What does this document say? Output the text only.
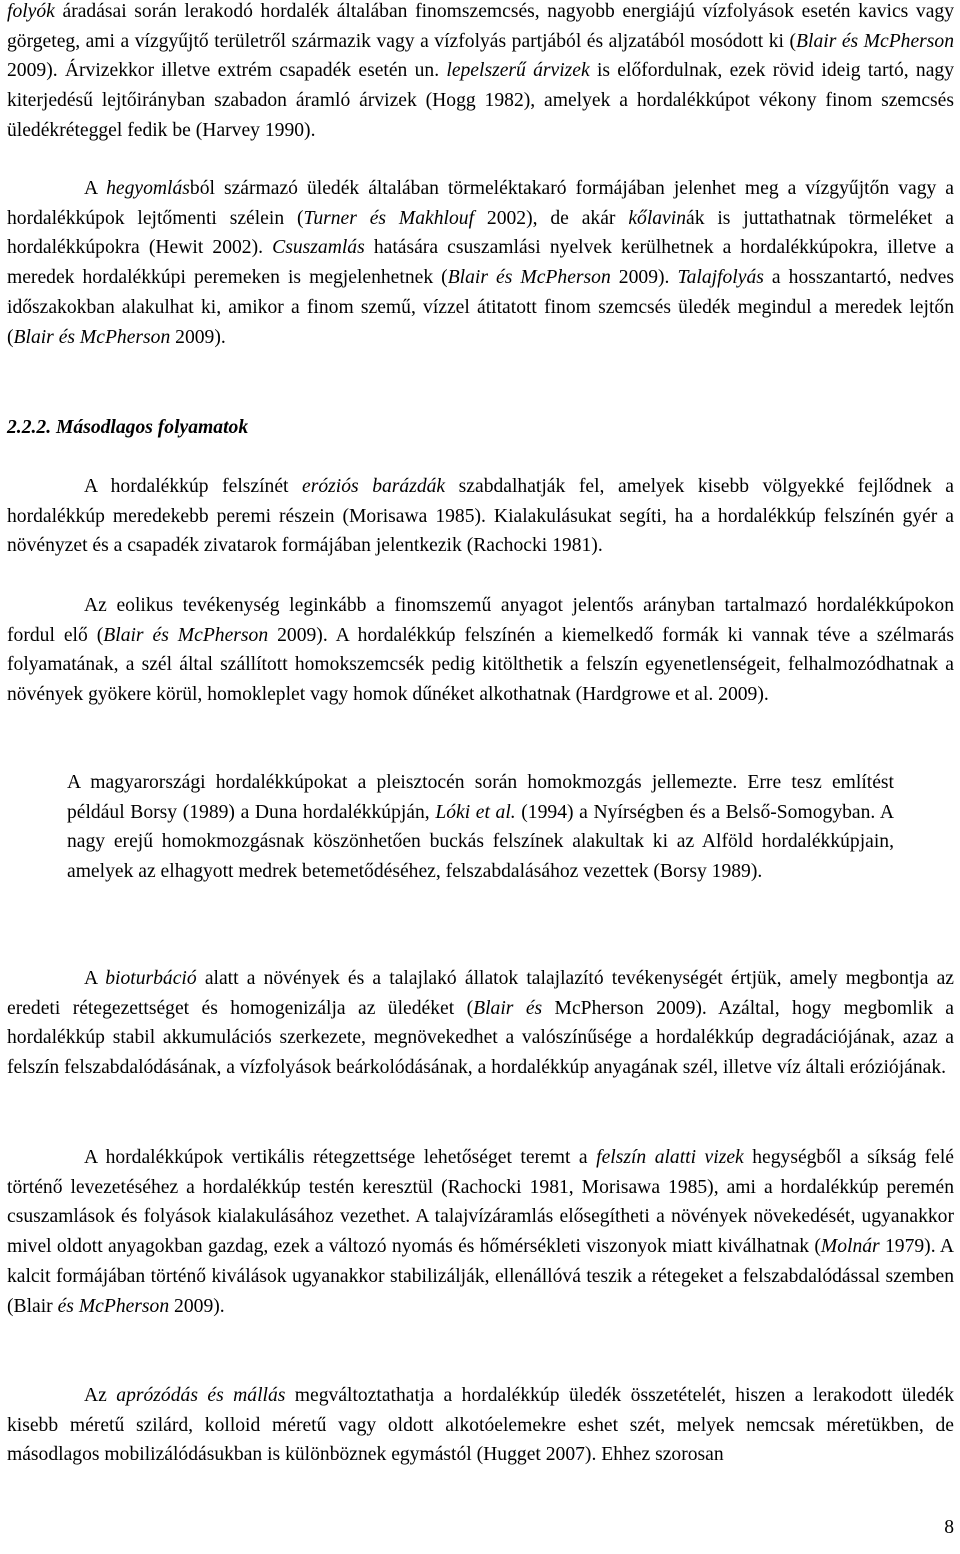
folyók áradásai során lerakodó hordalék általában finomszemcsés, nagyobb energiájú vízfolyások esetén kavics vagy görgeteg, ami a vízgyűjtő területről származik vagy a vízfolyás partjából és aljzatából mosódott ki (Blair és McPherson 2009). Árvizekkor illetve extrém csapadék esetén un. lepelszerű árvizek is előfordulnak, ezek rövid ideig tartó, nagy kiterjedésű lejtőirányban szabadon áramló árvizek (Hogg 1982), amelyek a hordalékkúpot vékony finom szemcsés üledékréteggel fedik be (Harvey 1990).

A hegyomlásból származó üledék általában törmeléktakaró formájában jelenhet meg a vízgyűjtőn vagy a hordalékkúpok lejtőmenti szélein (Turner és Makhlouf 2002), de akár kőlavinák is juttathatnak törmeléket a hordalékkúpokra (Hewit 2002). Csuszamlás hatására csuszamlási nyelvek kerülhetnek a hordalékkúpokra, illetve a meredek hordalékkúpi peremeken is megjelenhetnek (Blair és McPherson 2009). Talajfolyás a hosszantartó, nedves időszakokban alakulhat ki, amikor a finom szemű, vízzel átitatott finom szemcsés üledék megindul a meredek lejtőn (Blair és McPherson 2009).

2.2.2. Másodlagos folyamatok

A hordalékkúp felszínét eróziós barázdák szabdalhatják fel, amelyek kisebb völgyekké fejlődnek a hordalékkúp meredekebb peremi részein (Morisawa 1985). Kialakulásukat segíti, ha a hordalékkúp felszínén gyér a növényzet és a csapadék zivatarok formájában jelentkezik (Rachocki 1981).

Az eolikus tevékenység leginkább a finomszemű anyagot jelentős arányban tartalmazó hordalékkúpokon fordul elő (Blair és McPherson 2009). A hordalékkúp felszínén a kiemelkedő formák ki vannak téve a szélmarás folyamatának, a szél által szállított homokszemcsék pedig kitölthetik a felszín egyenetlenségeit, felhalmozódhatnak a növények gyökere körül, homokleplet vagy homok dűnéket alkothatnak (Hardgrowe et al. 2009).

A magyarországi hordalékkúpokat a pleisztocén során homokmozgás jellemezte. Erre tesz említést például Borsy (1989) a Duna hordalékkúpján, Lóki et al. (1994) a Nyírségben és a Belső-Somogyban. A nagy erejű homokmozgásnak köszönhetően buckás felszínek alakultak ki az Alföld hordalékkúpjain, amelyek az elhagyott medrek betemetődéséhez, felszabdalásához vezettek (Borsy 1989).

A bioturbáció alatt a növények és a talajlakó állatok talajlazító tevékenységét értjük, amely megbontja az eredeti rétegezettséget és homogenizálja az üledéket (Blair és McPherson 2009). Azáltal, hogy megbomlik a hordalékkúp stabil akkumulációs szerkezete, megnövekedhet a valószínűsége a hordalékkúp degradációjának, azaz a felszín felszabdalódásának, a vízfolyások beárkolódásának, a hordalékkúp anyagának szél, illetve víz általi eróziójának.

A hordalékkúpok vertikális rétegzettsége lehetőséget teremt a felszín alatti vizek hegységből a síkság felé történő levezetéséhez a hordalékkúp testén keresztül (Rachocki 1981, Morisawa 1985), ami a hordalékkúp peremén csuszamlások és folyások kialakulásához vezethet. A talajvízáramlás elősegítheti a növények növekedését, ugyanakkor mivel oldott anyagokban gazdag, ezek a változó nyomás és hőmérsékleti viszonyok miatt kiválhatnak (Molnár 1979). A kalcit formájában történő kiválások ugyanakkor stabilizálják, ellenállóvá teszik a rétegeket a felszabdalódással szemben (Blair és McPherson 2009).

Az aprózódás és mállás megváltoztathatja a hordalékkúp üledék összetételét, hiszen a lerakodott üledék kisebb méretű szilárd, kolloid méretű vagy oldott alkotóelemekre eshet szét, melyek nemcsak méretükben, de másodlagos mobilizálódásukban is különböznek egymástól (Hugget 2007). Ehhez szorosan

8
